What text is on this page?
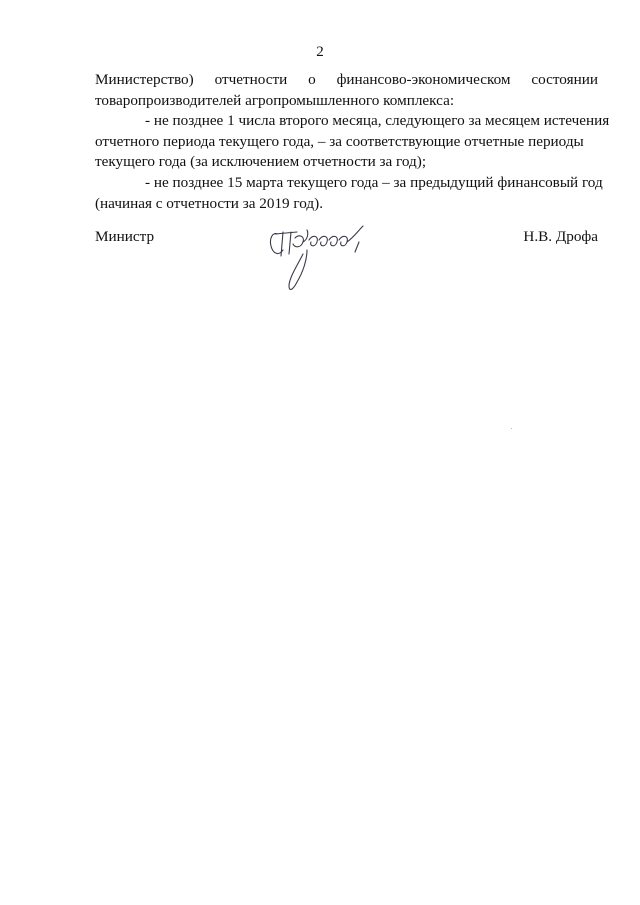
2
Министерство) отчетности о финансово-экономическом состоянии
товаропроизводителей агропромышленного комплекса:
- не позднее 1 числа второго месяца, следующего за месяцем истечения
отчетного периода текущего года, – за соответствующие отчетные периоды
текущего года (за исключением отчетности за год);
- не позднее 15 марта текущего года – за предыдущий финансовый год
(начиная с отчетности за 2019 год).
Министр	Н.В. Дрофа
